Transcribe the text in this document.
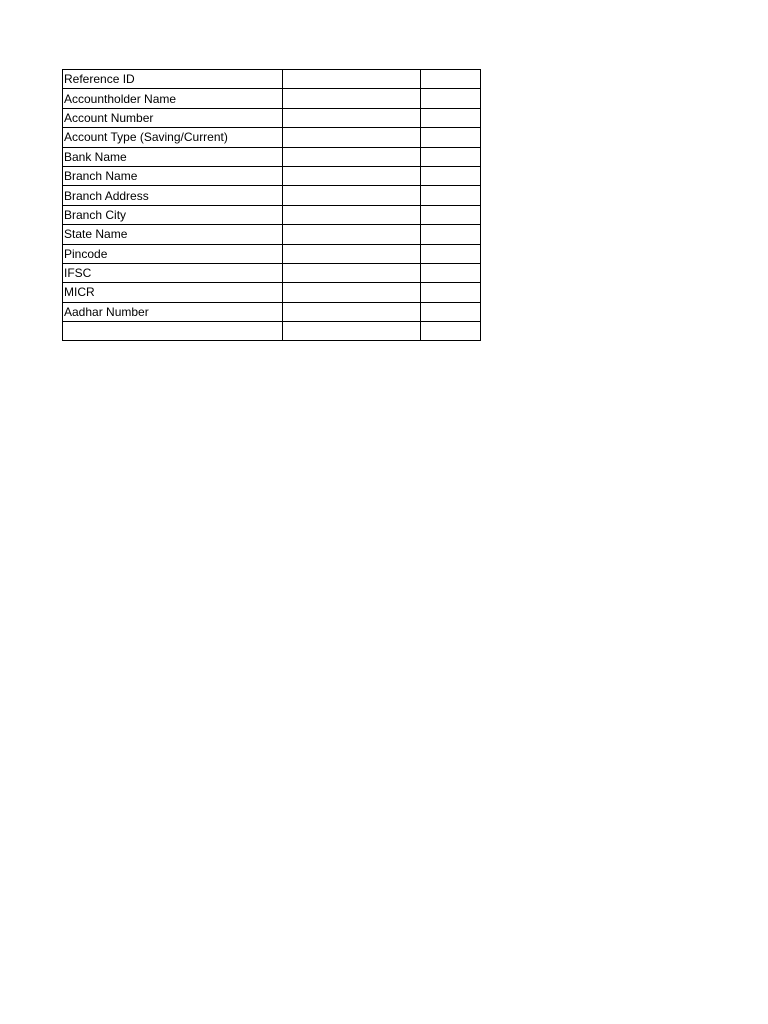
Reference ID		
Accountholder Name		
Account Number		
Account Type (Saving/Current)		
Bank Name		
Branch Name		
Branch Address		
Branch City		
State Name		
Pincode		
IFSC		
MICR		
Aadhar Number		
